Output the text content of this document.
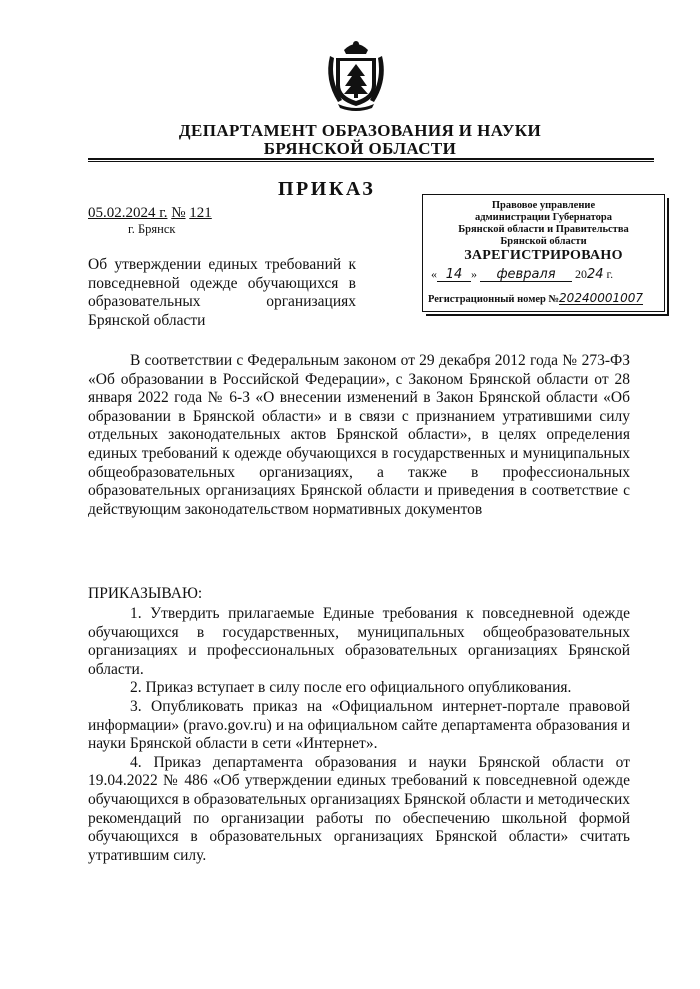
ДЕПАРТАМЕНТ ОБРАЗОВАНИЯ И НАУКИ
БРЯНСКОЙ ОБЛАСТИ
ПРИКАЗ
05.02.2024 г. № 121
г. Брянск
Об утверждении единых требований к повседневной одежде обучающихся в образовательных организациях Брянской области
Правовое управление
администрации Губернатора
Брянской области и Правительства
Брянской области
ЗАРЕГИСТРИРОВАНО
« 14 » февраля 2024 г.
Регистрационный номер №20240001007

В соответствии с Федеральным законом от 29 декабря 2012 года № 273-ФЗ «Об образовании в Российской Федерации», с Законом Брянской области от 28 января 2022 года № 6-З «О внесении изменений в Закон Брянской области «Об образовании в Брянской области» и в связи с признанием утратившими силу отдельных законодательных актов Брянской области», в целях определения единых требований к одежде обучающихся в государственных и муниципальных общеобразовательных организациях, а также в профессиональных образовательных организациях Брянской области и приведения в соответствие с действующим законодательством нормативных документов

ПРИКАЗЫВАЮ:

1. Утвердить прилагаемые Единые требования к повседневной одежде обучающихся в государственных, муниципальных общеобразовательных организациях и профессиональных образовательных организациях Брянской области.

2. Приказ вступает в силу после его официального опубликования.

3. Опубликовать приказ на «Официальном интернет-портале правовой информации» (pravo.gov.ru) и на официальном сайте департамента образования и науки Брянской области в сети «Интернет».

4. Приказ департамента образования и науки Брянской области от 19.04.2022 № 486 «Об утверждении единых требований к повседневной одежде обучающихся в образовательных организациях Брянской области и методических рекомендаций по организации работы по обеспечению школьной формой обучающихся в образовательных организациях Брянской области» считать утратившим силу.
